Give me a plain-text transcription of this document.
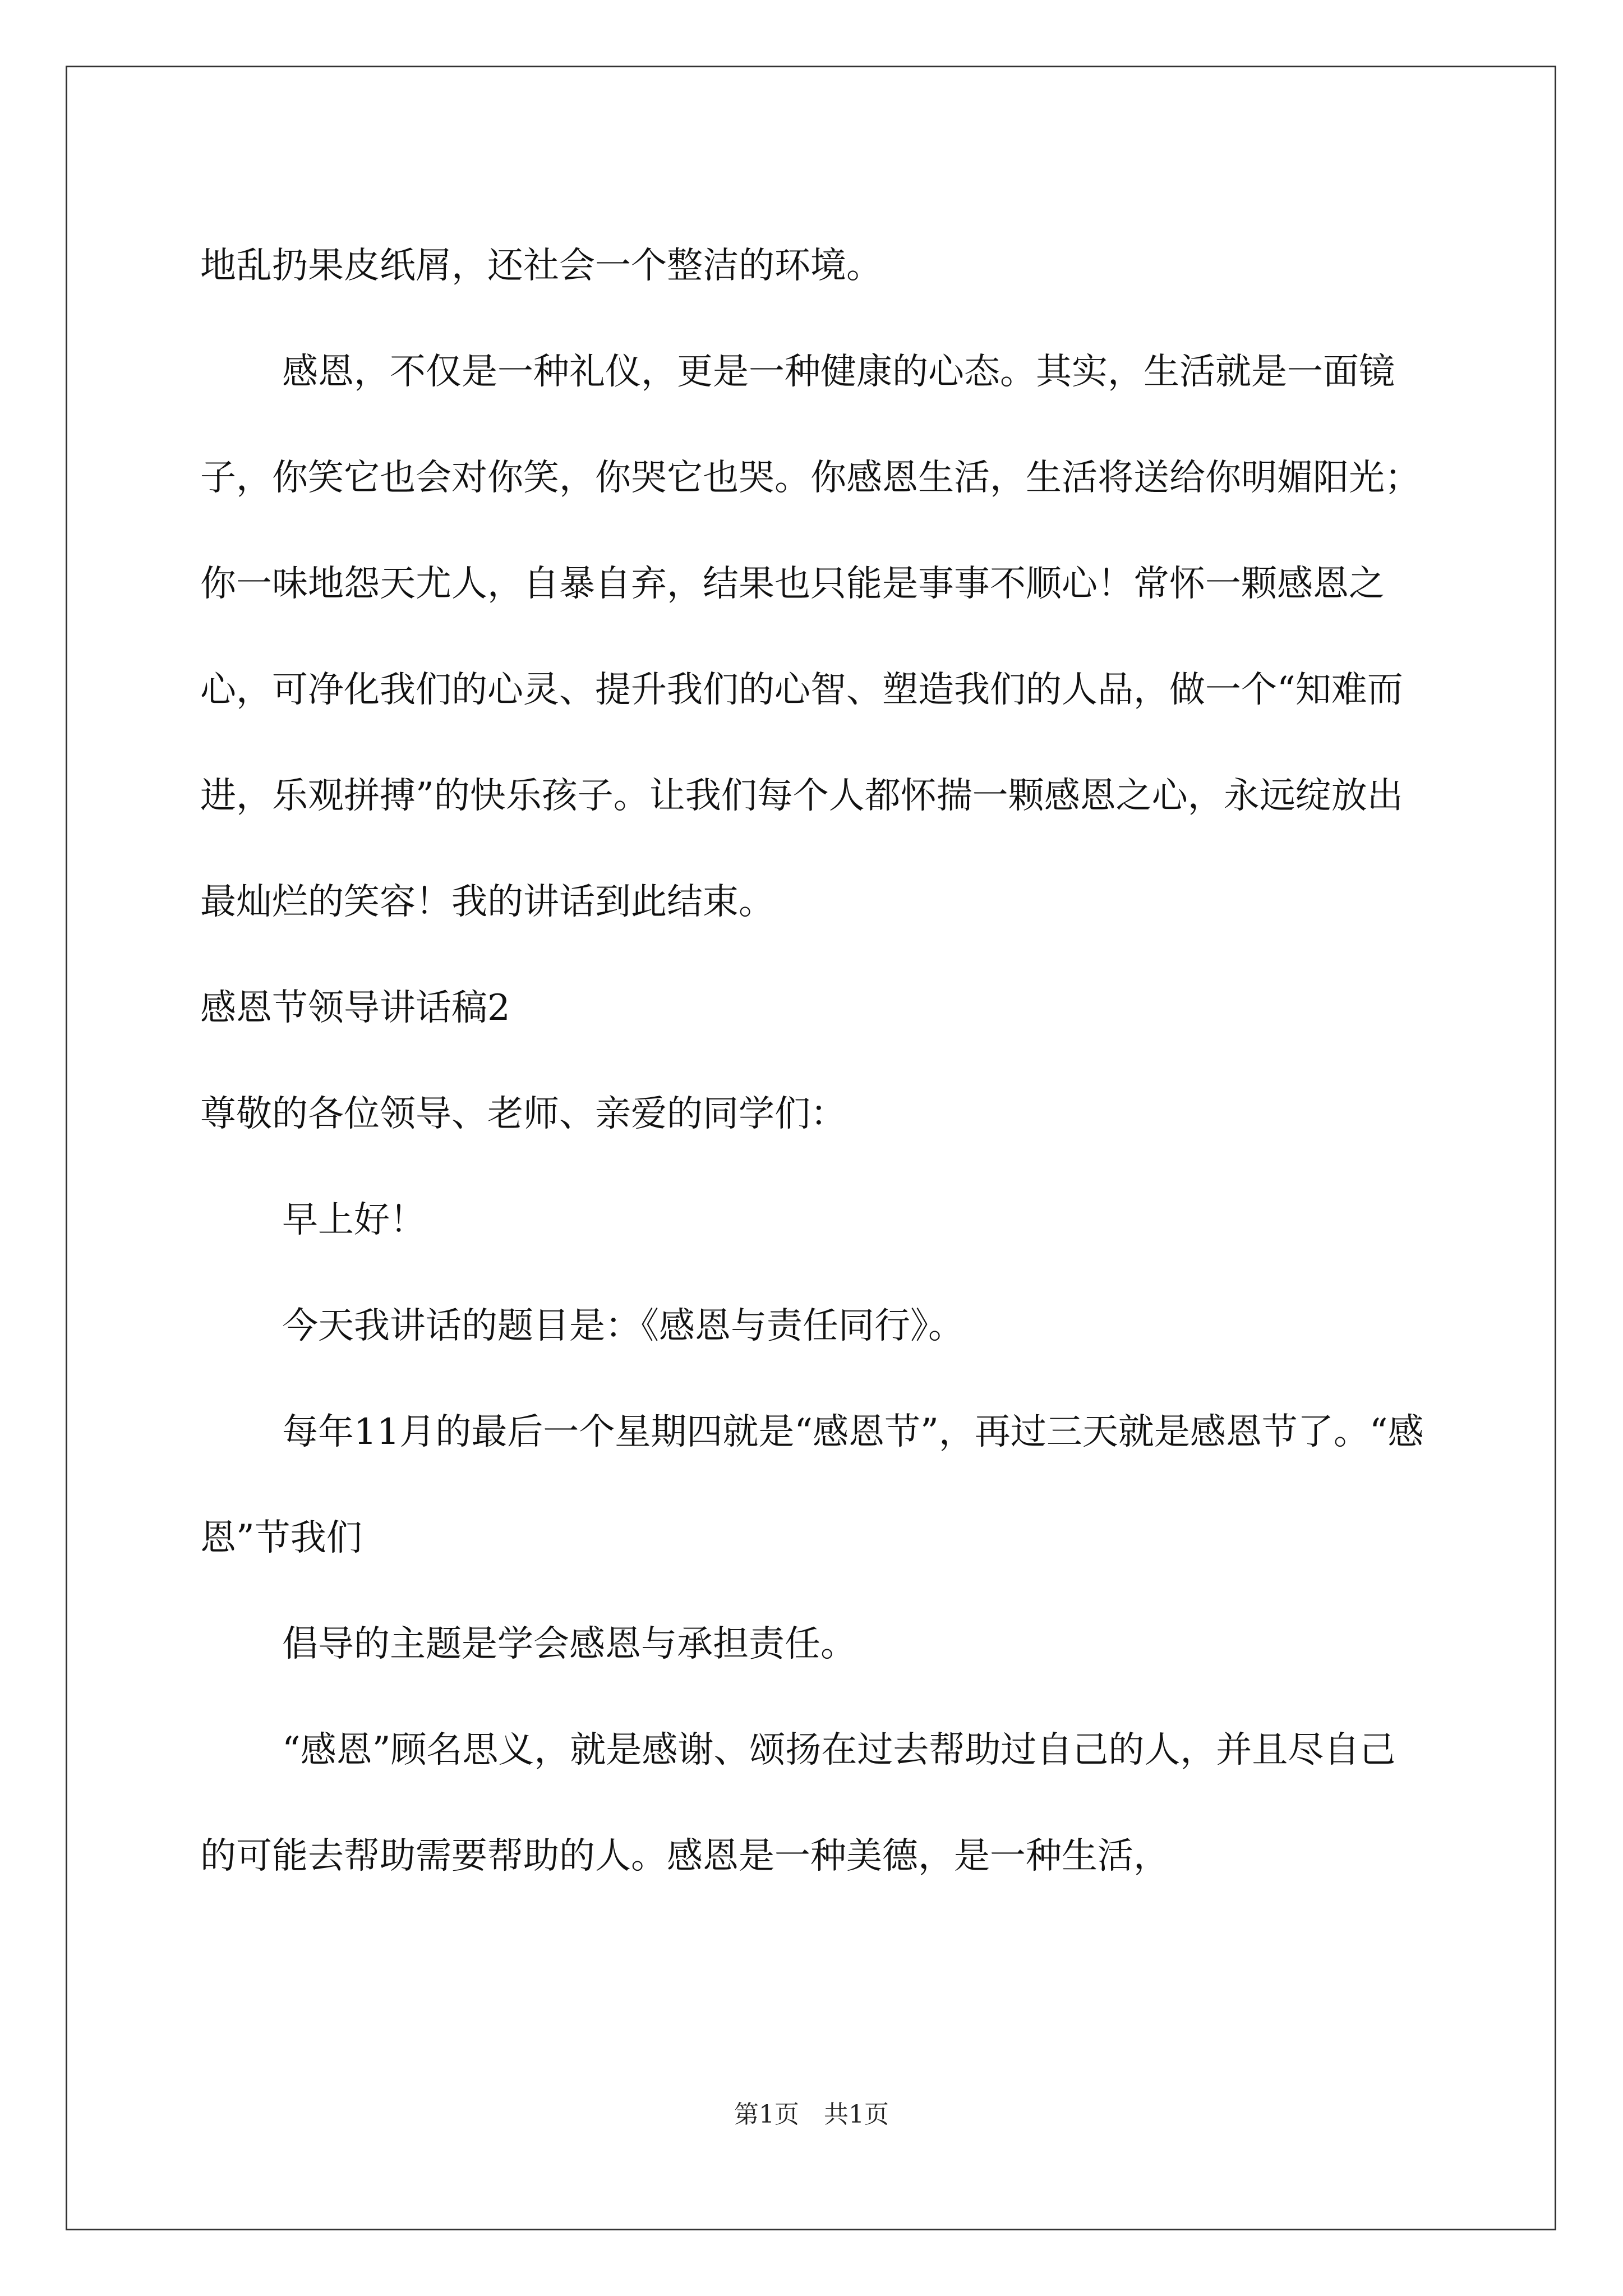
地乱扔果皮纸屑，还社会一个整洁的环境。

感恩，不仅是一种礼仪，更是一种健康的心态。其实，生活就是一面镜子，你笑它也会对你笑，你哭它也哭。你感恩生活，生活将送给你明媚阳光；你一味地怨天尤人，自暴自弃，结果也只能是事事不顺心！常怀一颗感恩之心，可净化我们的心灵、提升我们的心智、塑造我们的人品，做一个“知难而进，乐观拼搏”的快乐孩子。让我们每个人都怀揣一颗感恩之心，永远绽放出最灿烂的笑容！我的讲话到此结束。

感恩节领导讲话稿2

尊敬的各位领导、老师、亲爱的同学们：

早上好！

今天我讲话的题目是：《感恩与责任同行》。

每年11月的最后一个星期四就是“感恩节”，再过三天就是感恩节了。“感恩”节我们

倡导的主题是学会感恩与承担责任。

“感恩”顾名思义，就是感谢、颂扬在过去帮助过自己的人，并且尽自己的可能去帮助需要帮助的人。感恩是一种美德，是一种生活，

第1页　共1页
